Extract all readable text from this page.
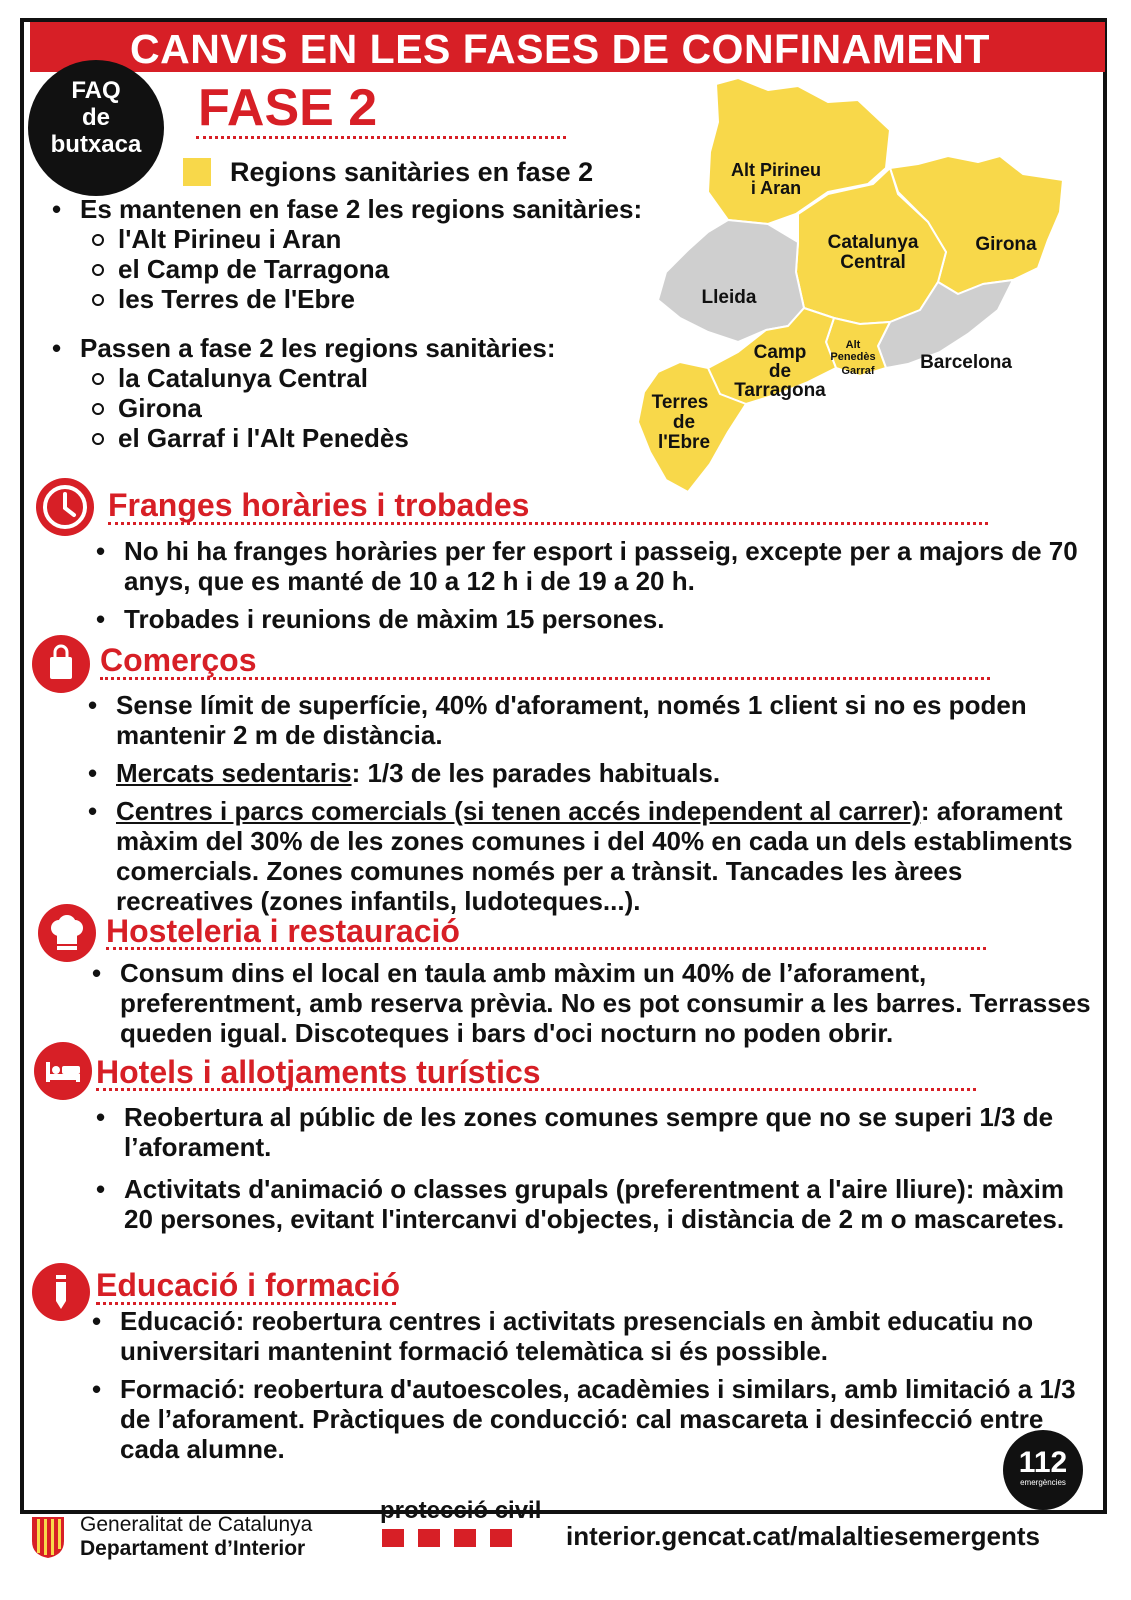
CANVIS EN LES FASES DE CONFINAMENT
FAQ
de
butxaca
FASE 2
Regions sanitàries en fase 2
• Es mantenen en fase 2 les regions sanitàries:
l'Alt Pirineu i Aran
el Camp de Tarragona
les Terres de l'Ebre
• Passen a fase 2 les regions sanitàries:
la Catalunya Central
Girona
el Garraf i l'Alt Penedès
Alt Pirineu
i Aran
Catalunya
Central
Girona
Lleida
Camp
de
Tarragona
Alt
Penedès
Garraf Barcelona
Terres
de
l'Ebre
Franges horàries i trobades
• No hi ha franges horàries per fer esport i passeig, excepte per a majors de 70 anys, que es manté de 10 a 12 h i de 19 a 20 h.
• Trobades i reunions de màxim 15 persones.
Comerços
• Sense límit de superfície, 40% d'aforament, només 1 client si no es poden mantenir 2 m de distància.
• Mercats sedentaris: 1/3 de les parades habituals.
• Centres i parcs comercials (si tenen accés independent al carrer): aforament màxim del 30% de les zones comunes i del 40% en cada un dels establiments comercials. Zones comunes només per a trànsit. Tancades les àrees recreatives (zones infantils, ludoteques...).
Hosteleria i restauració
• Consum dins el local en taula amb màxim un 40% de l’aforament, preferentment, amb reserva prèvia. No es pot consumir a les barres. Terrasses queden igual. Discoteques i bars d'oci nocturn no poden obrir.
Hotels i allotjaments turístics
• Reobertura al públic de les zones comunes sempre que no se superi 1/3 de l’aforament.
• Activitats d'animació o classes grupals (preferentment a l'aire lliure): màxim 20 persones, evitant l'intercanvi d'objectes, i distància de 2 m o mascaretes.
Educació i formació
• Educació: reobertura centres i activitats presencials en àmbit educatiu no universitari mantenint formació telemàtica si és possible.
• Formació: reobertura d'autoescoles, acadèmies i similars, amb limitació a 1/3 de l’aforament. Pràctiques de conducció: cal mascareta i desinfecció entre cada alumne.	112
emergències
Generalitat de Catalunya
Departament d’Interior
protecció civil
interior.gencat.cat/malaltiesemergents
